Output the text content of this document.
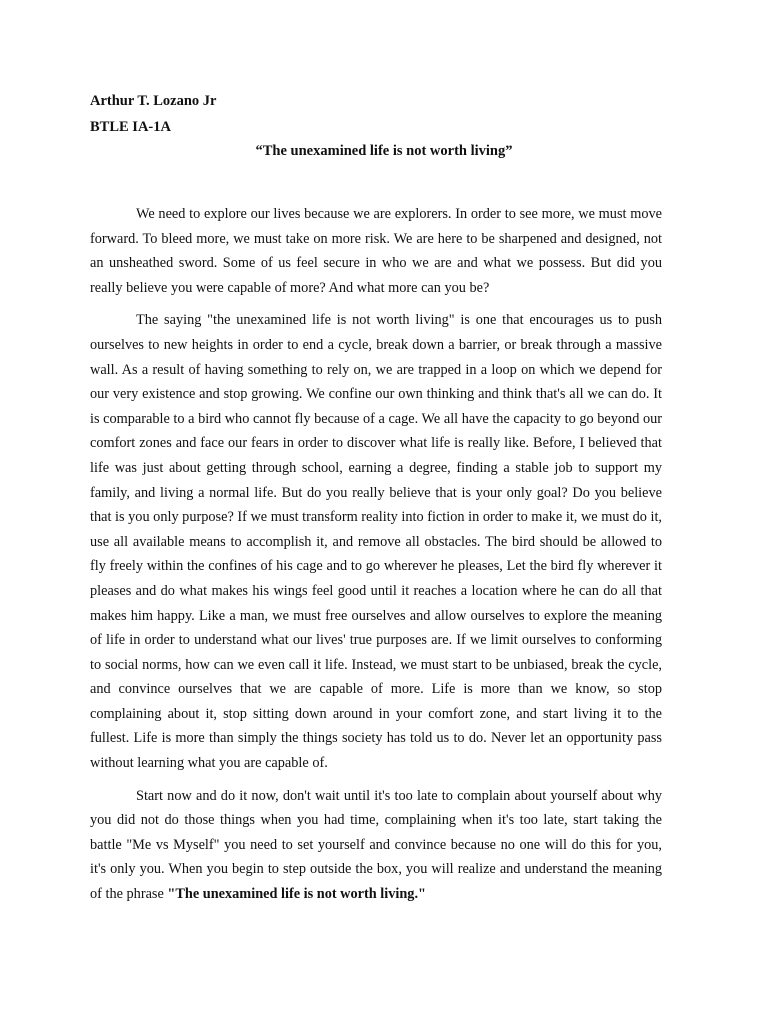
Arthur T. Lozano Jr
BTLE IA-1A
“The unexamined life is not worth living”

We need to explore our lives because we are explorers. In order to see more, we must move forward. To bleed more, we must take on more risk. We are here to be sharpened and designed, not an unsheathed sword. Some of us feel secure in who we are and what we possess. But did you really believe you were capable of more? And what more can you be?

The saying "the unexamined life is not worth living" is one that encourages us to push ourselves to new heights in order to end a cycle, break down a barrier, or break through a massive wall. As a result of having something to rely on, we are trapped in a loop on which we depend for our very existence and stop growing. We confine our own thinking and think that's all we can do. It is comparable to a bird who cannot fly because of a cage. We all have the capacity to go beyond our comfort zones and face our fears in order to discover what life is really like. Before, I believed that life was just about getting through school, earning a degree, finding a stable job to support my family, and living a normal life. But do you really believe that is your only goal? Do you believe that is you only purpose? If we must transform reality into fiction in order to make it, we must do it, use all available means to accomplish it, and remove all obstacles. The bird should be allowed to fly freely within the confines of his cage and to go wherever he pleases, Let the bird fly wherever it pleases and do what makes his wings feel good until it reaches a location where he can do all that makes him happy. Like a man, we must free ourselves and allow ourselves to explore the meaning of life in order to understand what our lives' true purposes are. If we limit ourselves to conforming to social norms, how can we even call it life. Instead, we must start to be unbiased, break the cycle, and convince ourselves that we are capable of more. Life is more than we know, so stop complaining about it, stop sitting down around in your comfort zone, and start living it to the fullest. Life is more than simply the things society has told us to do. Never let an opportunity pass without learning what you are capable of.

Start now and do it now, don't wait until it's too late to complain about yourself about why you did not do those things when you had time, complaining when it's too late, start taking the battle "Me vs Myself" you need to set yourself and convince because no one will do this for you, it's only you. When you begin to step outside the box, you will realize and understand the meaning of the phrase "The unexamined life is not worth living."
